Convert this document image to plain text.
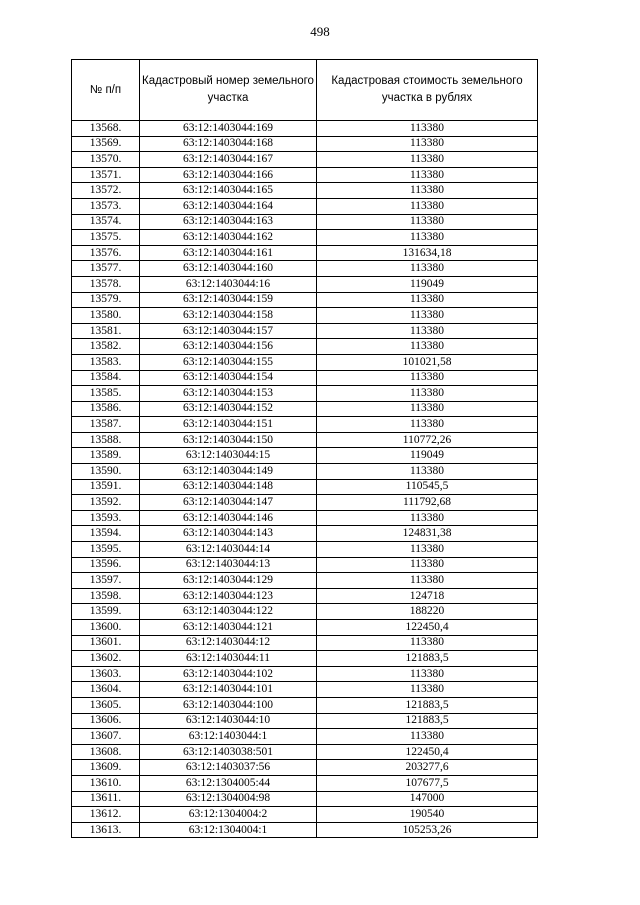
498
№ п/п	Кадастровый номер земельного участка	Кадастровая стоимость земельного участка в рублях
13568.	63:12:1403044:169	113380
13569.	63:12:1403044:168	113380
13570.	63:12:1403044:167	113380
13571.	63:12:1403044:166	113380
13572.	63:12:1403044:165	113380
13573.	63:12:1403044:164	113380
13574.	63:12:1403044:163	113380
13575.	63:12:1403044:162	113380
13576.	63:12:1403044:161	131634,18
13577.	63:12:1403044:160	113380
13578.	63:12:1403044:16	119049
13579.	63:12:1403044:159	113380
13580.	63:12:1403044:158	113380
13581.	63:12:1403044:157	113380
13582.	63:12:1403044:156	113380
13583.	63:12:1403044:155	101021,58
13584.	63:12:1403044:154	113380
13585.	63:12:1403044:153	113380
13586.	63:12:1403044:152	113380
13587.	63:12:1403044:151	113380
13588.	63:12:1403044:150	110772,26
13589.	63:12:1403044:15	119049
13590.	63:12:1403044:149	113380
13591.	63:12:1403044:148	110545,5
13592.	63:12:1403044:147	111792,68
13593.	63:12:1403044:146	113380
13594.	63:12:1403044:143	124831,38
13595.	63:12:1403044:14	113380
13596.	63:12:1403044:13	113380
13597.	63:12:1403044:129	113380
13598.	63:12:1403044:123	124718
13599.	63:12:1403044:122	188220
13600.	63:12:1403044:121	122450,4
13601.	63:12:1403044:12	113380
13602.	63:12:1403044:11	121883,5
13603.	63:12:1403044:102	113380
13604.	63:12:1403044:101	113380
13605.	63:12:1403044:100	121883,5
13606.	63:12:1403044:10	121883,5
13607.	63:12:1403044:1	113380
13608.	63:12:1403038:501	122450,4
13609.	63:12:1403037:56	203277,6
13610.	63:12:1304005:44	107677,5
13611.	63:12:1304004:98	147000
13612.	63:12:1304004:2	190540
13613.	63:12:1304004:1	105253,26
